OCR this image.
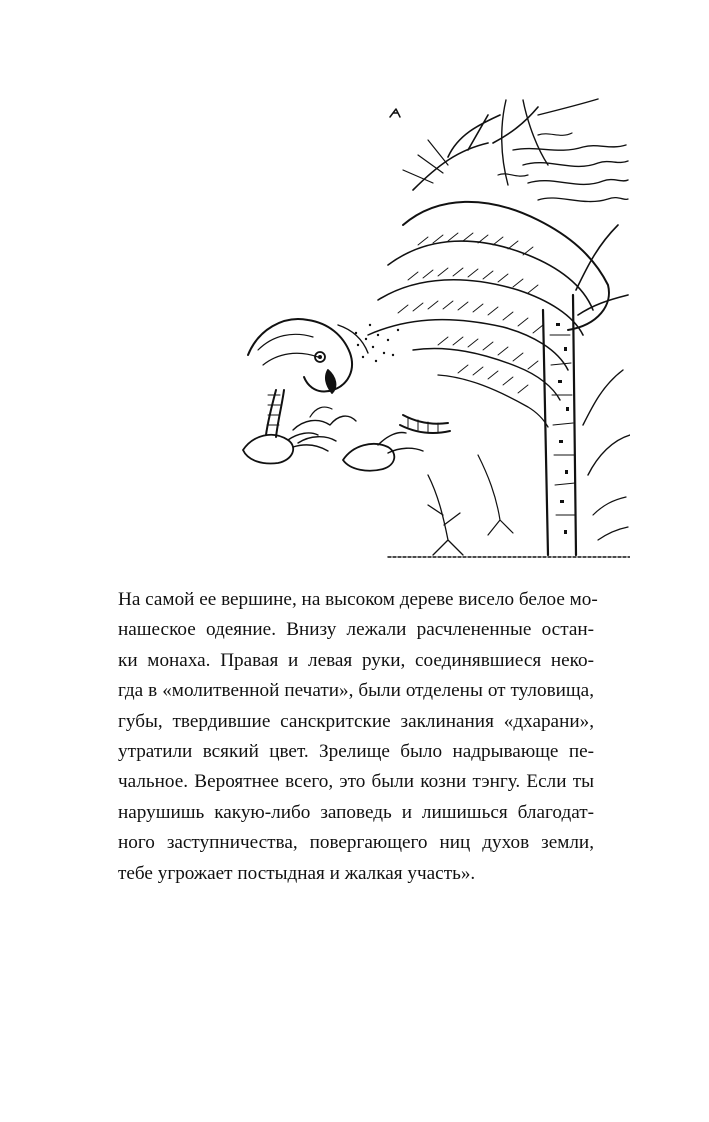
На самой ее вершине, на высоком дереве висело белое мо-
нашеское одеяние. Внизу лежали расчлененные остан-
ки монаха. Правая и левая руки, соединявшиеся неко-
гда в «молитвенной печати», были отделены от туловища,
губы, твердившие санскритские заклинания «дхарани»,
утратили всякий цвет. Зрелище было надрывающе пе-
чальное. Вероятнее всего, это были козни тэнгу. Если ты
нарушишь какую-либо заповедь и лишишься благодат-
ного заступничества, повергающего ниц духов земли,
тебе угрожает постыдная и жалкая участь».
